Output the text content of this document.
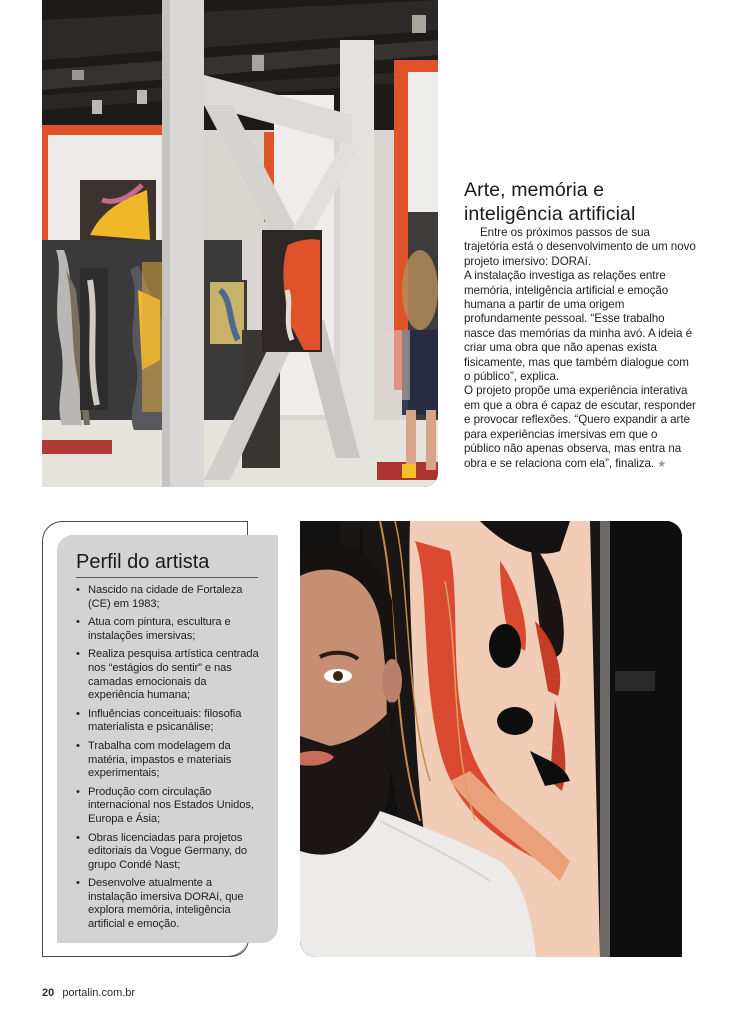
Arte, memória e
inteligência artificial

Entre os próximos passos de sua trajetória está o desenvolvimento de um novo projeto imersivo: DORAí.

A instalação investiga as relações entre memória, inteligência artificial e emoção humana a partir de uma origem profundamente pessoal. “Esse trabalho nasce das memórias da minha avó. A ideia é criar uma obra que não apenas exista fisicamente, mas que também dialogue com o público”, explica.

O projeto propõe uma experiência interativa em que a obra é capaz de escutar, responder e provocar reflexões. “Quero expandir a arte para experiências imersivas em que o público não apenas observa, mas entra na obra e se relaciona com ela”, finaliza. ★

Perfil do artista
• Nascido na cidade de Fortaleza (CE) em 1983;
• Atua com pintura, escultura e instalações imersivas;
• Realiza pesquisa artística centrada nos “estágios do sentir” e nas camadas emocionais da experiência humana;
• Influências conceituais: filosofia materialista e psicanálise;
• Trabalha com modelagem da matéria, impastos e materiais experimentais;
• Produção com circulação internacional nos Estados Unidos, Europa e Ásia;
• Obras licenciadas para projetos editoriais da Vogue Germany, do grupo Condé Nast;
• Desenvolve atualmente a instalação imersiva DORAí, que explora memória, inteligência artificial e emoção.
20 portalin.com.br
